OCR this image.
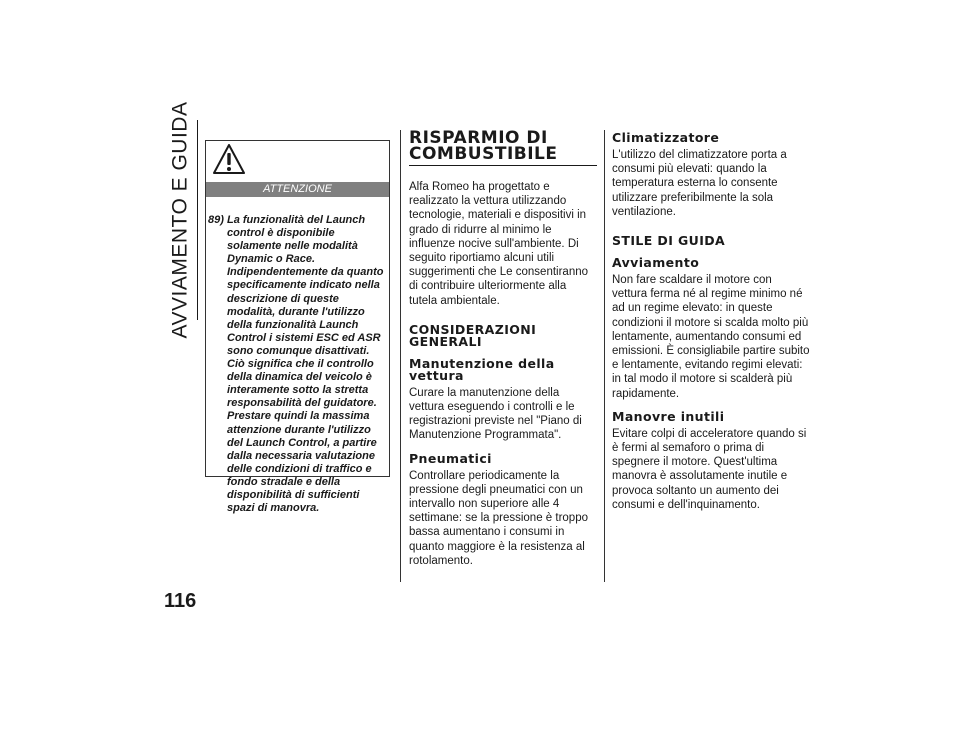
AVVIAMENTO E GUIDA
116
ATTENZIONE
89) La funzionalità del Launch control è disponibile solamente nelle modalità Dynamic o Race. Indipendentemente da quanto specificamente indicato nella descrizione di queste modalità, durante l'utilizzo della funzionalità Launch Control i sistemi ESC ed ASR sono comunque disattivati. Ciò significa che il controllo della dinamica del veicolo è interamente sotto la stretta responsabilità del guidatore. Prestare quindi la massima attenzione durante l'utilizzo del Launch Control, a partire dalla necessaria valutazione delle condizioni di traffico e fondo stradale e della disponibilità di sufficienti spazi di manovra.
RISPARMIO DI COMBUSTIBILE

Alfa Romeo ha progettato e realizzato la vettura utilizzando tecnologie, materiali e dispositivi in grado di ridurre al minimo le influenze nocive sull'ambiente. Di seguito riportiamo alcuni utili suggerimenti che Le consentiranno di contribuire ulteriormente alla tutela ambientale.

CONSIDERAZIONI GENERALI
Manutenzione della vettura

Curare la manutenzione della vettura eseguendo i controlli e le registrazioni previste nel "Piano di Manutenzione Programmata".

Pneumatici

Controllare periodicamente la pressione degli pneumatici con un intervallo non superiore alle 4 settimane: se la pressione è troppo bassa aumentano i consumi in quanto maggiore è la resistenza al rotolamento.

Climatizzatore

L'utilizzo del climatizzatore porta a consumi più elevati: quando la temperatura esterna lo consente utilizzare preferibilmente la sola ventilazione.

STILE DI GUIDA
Avviamento

Non fare scaldare il motore con vettura ferma né al regime minimo né ad un regime elevato: in queste condizioni il motore si scalda molto più lentamente, aumentando consumi ed emissioni. È consigliabile partire subito e lentamente, evitando regimi elevati: in tal modo il motore si scalderà più rapidamente.

Manovre inutili

Evitare colpi di acceleratore quando si è fermi al semaforo o prima di spegnere il motore. Quest'ultima manovra è assolutamente inutile e provoca soltanto un aumento dei consumi e dell'inquinamento.
